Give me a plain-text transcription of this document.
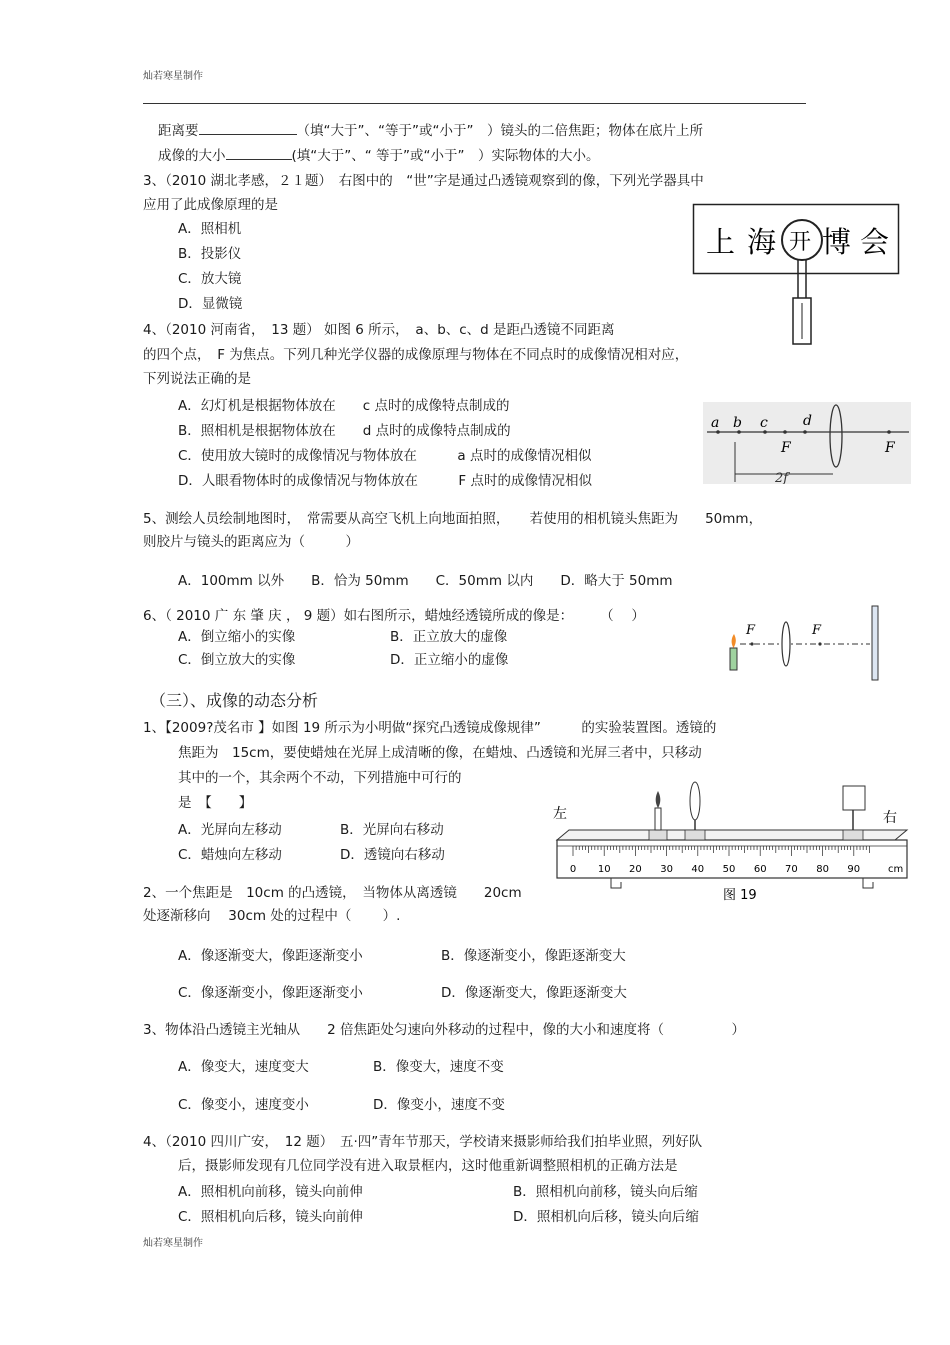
灿若寒星制作
距离要	（填“大于”、“等于”或“小于”　）镜头的二倍焦距；物体在底片上所
成像的大小	(填“大于”、“ 等于”或“小于”　）实际物体的大小。
3、（2010 湖北孝感，２１题）　右图中的　“世”字是通过凸透镜观察到的像，下列光学器具中
应用了此成像原理的是
A．照相机
B．投影仪
C．放大镜
D．显微镜
上 海 开 博 会
4、（2010 河南省，　13 题） 如图 6 所示，　a、b、c、d 是距凸透镜不同距离
的四个点，　F 为焦点。下列几种光学仪器的成像原理与物体在不同点时的成像情况相对应，
下列说法正确的是
A．幻灯机是根据物体放在　　c 点时的成像特点制成的
B．照相机是根据物体放在　　d 点时的成像特点制成的
C．使用放大镜时的成像情况与物体放在　　　a 点时的成像情况相似
D．人眼看物体时的成像情况与物体放在　　　F 点时的成像情况相似
a b c	d
F	F
2f
5、测绘人员绘制地图时，　常需要从高空飞机上向地面拍照，　　若使用的相机镜头焦距为　　50mm，
则胶片与镜头的距离应为（　　　）
A．100mm 以外　　B．恰为 50mm　　C．50mm 以内　　D．略大于 50mm
6、（ 2010 广 东 肇 庆 ， 9 题）如右图所示，蜡烛经透镜所成的像是：　　　（　 ）
A．倒立缩小的实像	B．正立放大的虚像
C．倒立放大的实像	D．正立缩小的虚像
F	F
（三）、成像的动态分析
1、【2009?茂名市 】如图 19 所示为小明做“探究凸透镜成像规律”　　　的实验装置图。透镜的
焦距为　15cm，要使蜡烛在光屏上成清晰的像，在蜡烛、凸透镜和光屏三者中，只移动
其中的一个，其余两个不动，下列措施中可行的
是　【　　】
A．光屏向左移动	B．光屏向右移动
C．蜡烛向左移动	D．透镜向右移动
左	右
0 10 20 30 40 50 60 70 80 90	cm
图 19
2、一个焦距是　10cm 的凸透镜，　当物体从离透镜　　20cm
处逐渐移向　 30cm 处的过程中（　　 ）.
A．像逐渐变大，像距逐渐变小	B．像逐渐变小，像距逐渐变大
C．像逐渐变小，像距逐渐变小	D．像逐渐变大，像距逐渐变大
3、物体沿凸透镜主光轴从　　2 倍焦距处匀速向外移动的过程中，像的大小和速度将（　　　　　）
A．像变大，速度变大	B．像变大，速度不变
C．像变小，速度变小	D．像变小，速度不变
4、（2010 四川广安，　12 题）　五·四”青年节那天，学校请来摄影师给我们拍毕业照，列好队
后，摄影师发现有几位同学没有进入取景框内，这时他重新调整照相机的正确方法是
A．照相机向前移，镜头向前伸	B．照相机向前移，镜头向后缩
C．照相机向后移，镜头向前伸	D．照相机向后移，镜头向后缩
灿若寒星制作
